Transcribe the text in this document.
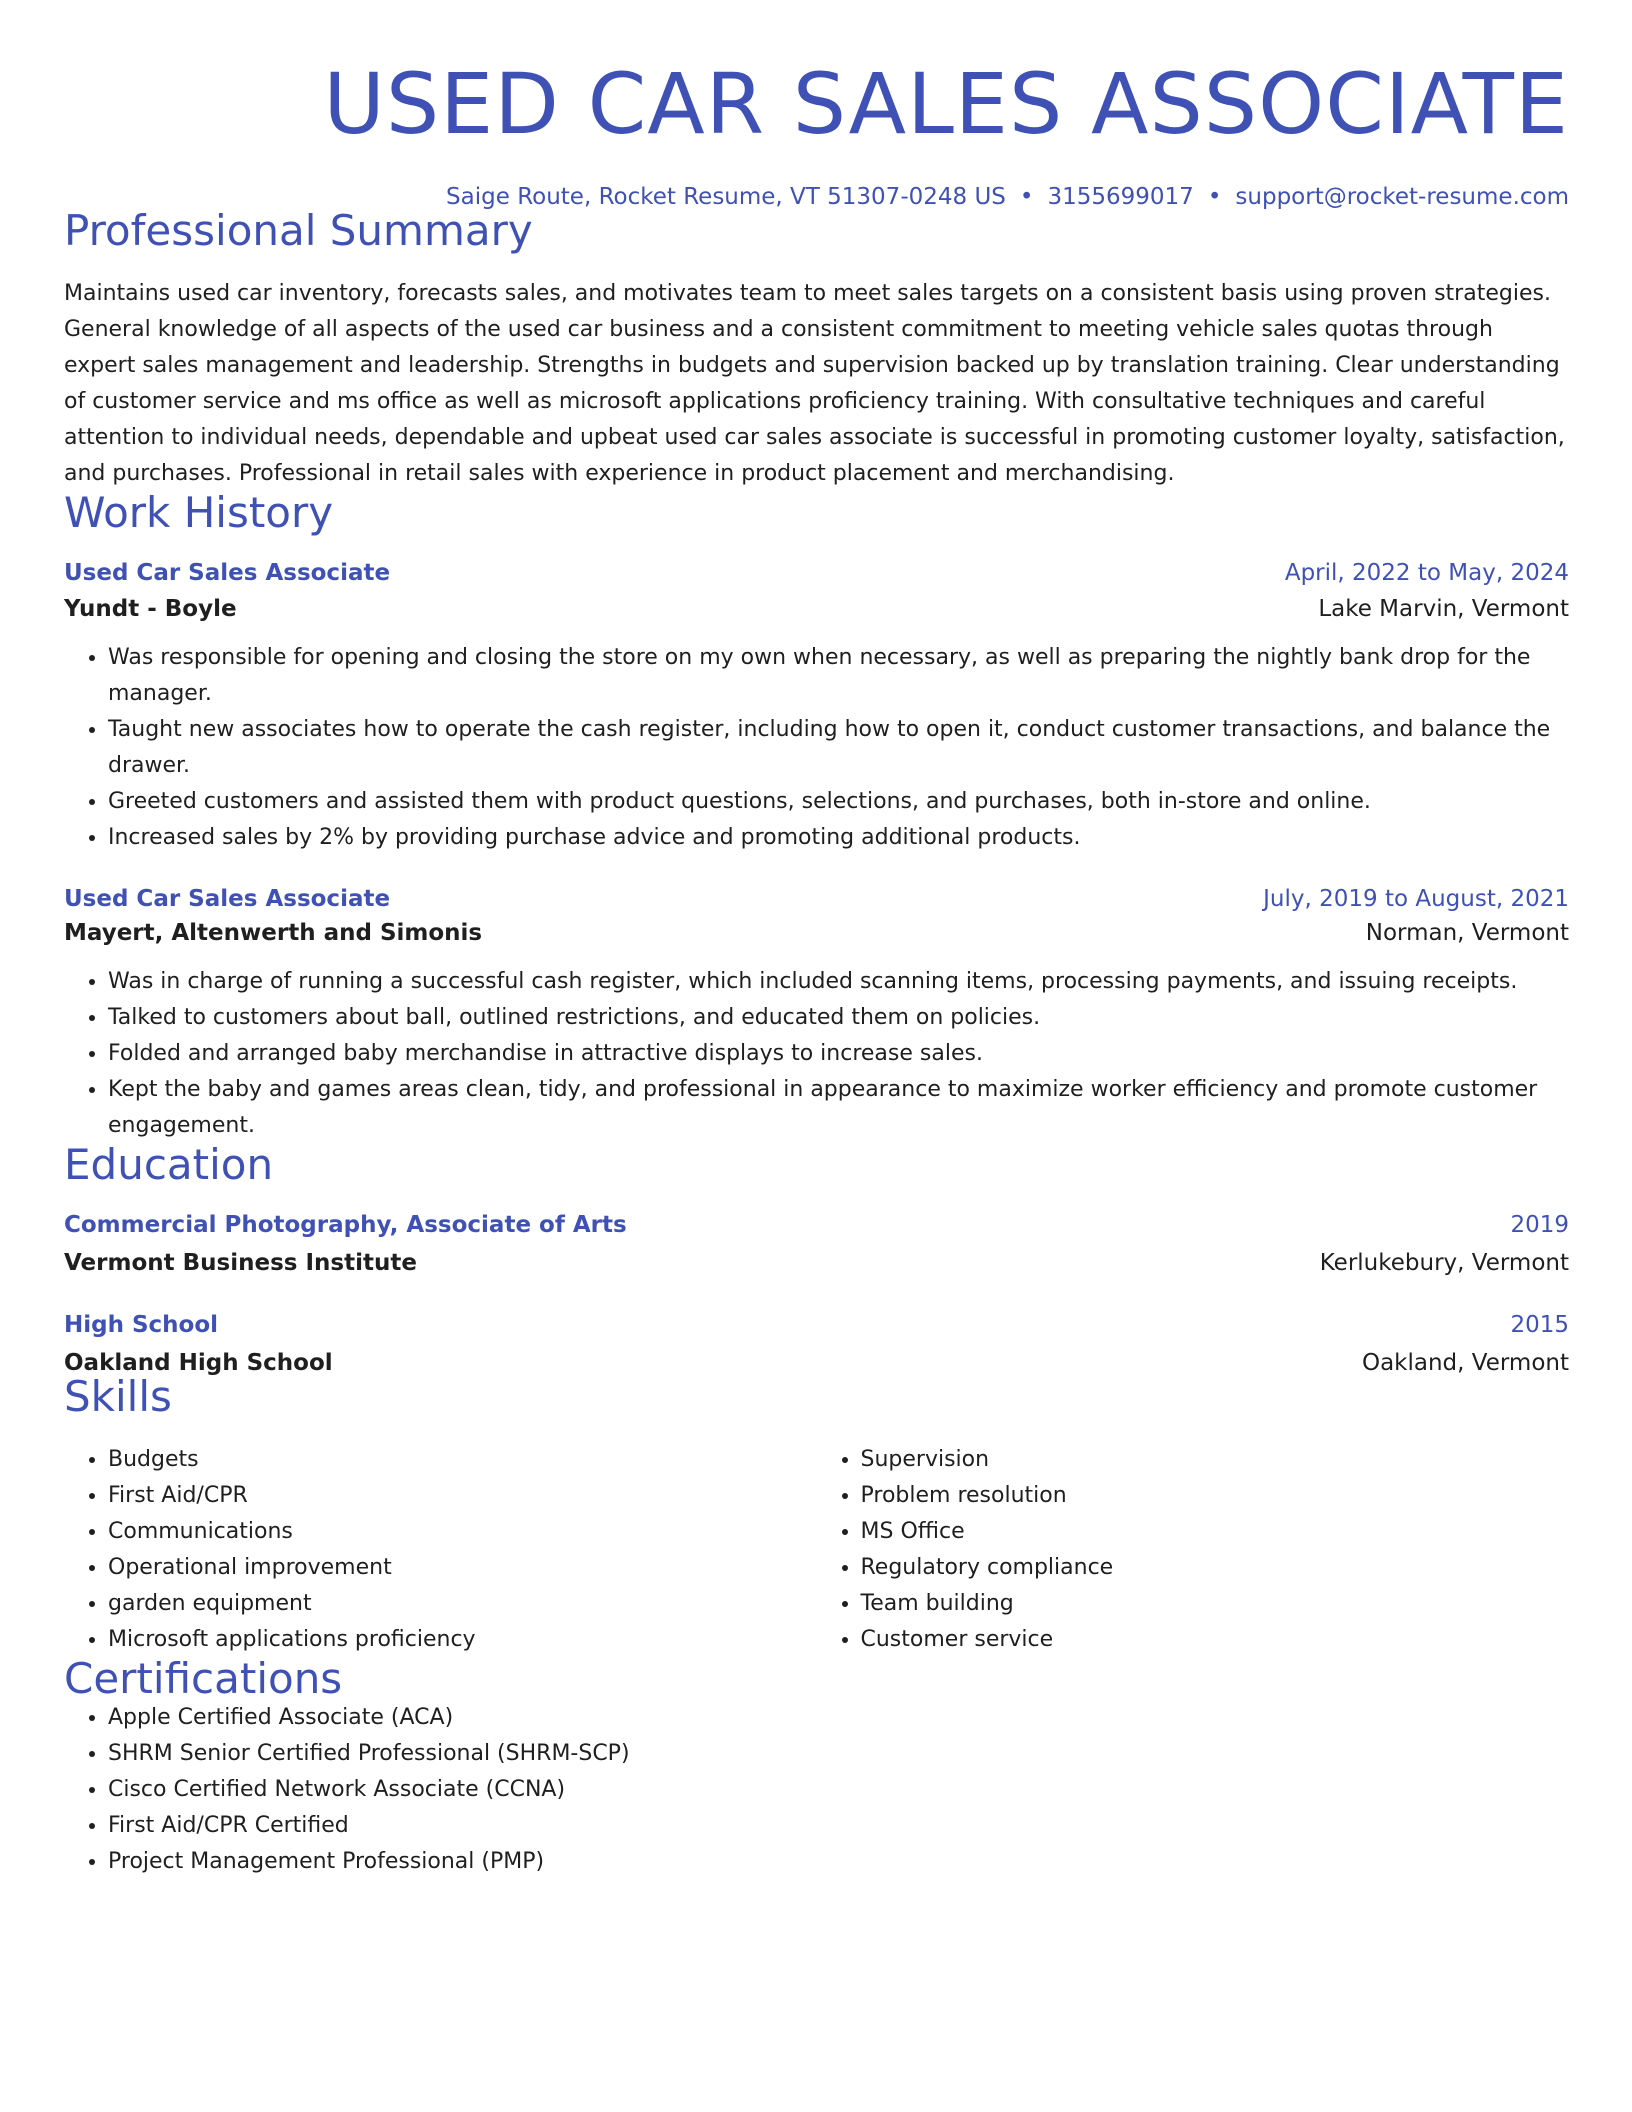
USED CAR SALES ASSOCIATE
Saige Route, Rocket Resume, VT 51307-0248 US • 3155699017 • support@rocket-resume.com
Professional Summary
Maintains used car inventory, forecasts sales, and motivates team to meet sales targets on a consistent basis using proven strategies. General knowledge of all aspects of the used car business and a consistent commitment to meeting vehicle sales quotas through expert sales management and leadership. Strengths in budgets and supervision backed up by translation training. Clear understanding of customer service and ms office as well as microsoft applications proficiency training. With consultative techniques and careful attention to individual needs, dependable and upbeat used car sales associate is successful in promoting customer loyalty, satisfaction, and purchases. Professional in retail sales with experience in product placement and merchandising.
Work History
Used Car Sales Associate	April, 2022 to May, 2024
Yundt - Boyle	Lake Marvin, Vermont
• Was responsible for opening and closing the store on my own when necessary, as well as preparing the nightly bank drop for the manager.
• Taught new associates how to operate the cash register, including how to open it, conduct customer transactions, and balance the drawer.
• Greeted customers and assisted them with product questions, selections, and purchases, both in-store and online.
• Increased sales by 2% by providing purchase advice and promoting additional products.
Used Car Sales Associate	July, 2019 to August, 2021
Mayert, Altenwerth and Simonis	Norman, Vermont
• Was in charge of running a successful cash register, which included scanning items, processing payments, and issuing receipts.
• Talked to customers about ball, outlined restrictions, and educated them on policies.
• Folded and arranged baby merchandise in attractive displays to increase sales.
• Kept the baby and games areas clean, tidy, and professional in appearance to maximize worker efficiency and promote customer engagement.
Education
Commercial Photography, Associate of Arts	2019
Vermont Business Institute	Kerlukebury, Vermont
High School	2015
Oakland High School	Oakland, Vermont
Skills
• Budgets
• First Aid/CPR
• Communications
• Operational improvement
• garden equipment
• Microsoft applications proficiency
• Supervision
• Problem resolution
• MS Office
• Regulatory compliance
• Team building
• Customer service
Certifications
• Apple Certified Associate (ACA)
• SHRM Senior Certified Professional (SHRM-SCP)
• Cisco Certified Network Associate (CCNA)
• First Aid/CPR Certified
• Project Management Professional (PMP)
